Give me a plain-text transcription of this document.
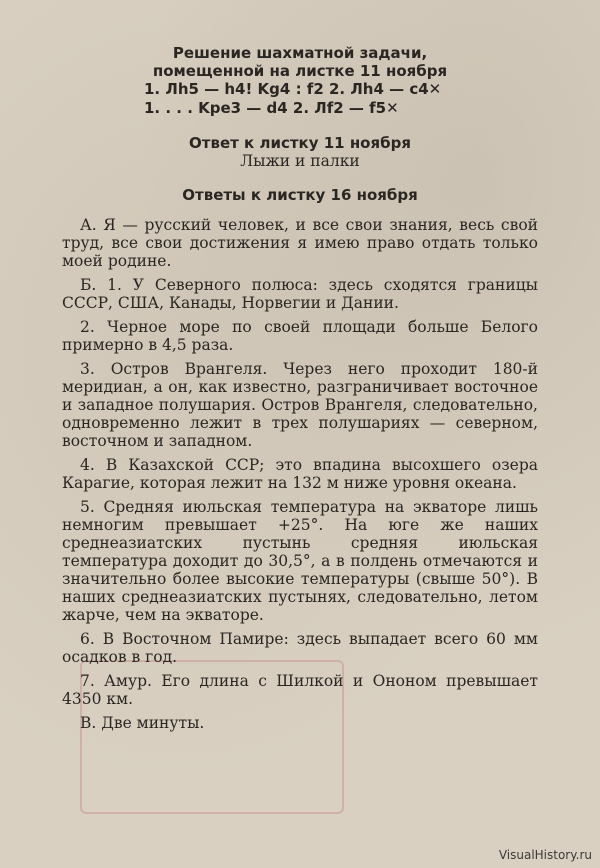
Решение шахматной задачи,
помещенной на листке 11 ноября
1. Лh5 — h4! Kg4 : f2 2. Лh4 — c4✕
1. . . . Kpe3 — d4 2. Лf2 — f5✕
Ответ к листку 11 ноября
Лыжи и палки
Ответы к листку 16 ноября

А. Я — русский человек, и все свои знания, весь свой труд, все свои достижения я имею право отдать только моей родине.

Б. 1. У Северного полюса: здесь сходятся границы СССР, США, Канады, Норвегии и Дании.

2. Черное море по своей площади больше Белого примерно в 4,5 раза.

3. Остров Врангеля. Через него проходит 180-й меридиан, а он, как известно, разграничивает восточное и западное полушария. Остров Врангеля, следовательно, одновременно лежит в трех полушариях — северном, восточном и западном.

4. В Казахской ССР; это впадина высохшего озера Карагие, которая лежит на 132 м ниже уровня океана.

5. Средняя июльская температура на экваторе лишь немногим превышает +25°. На юге же наших среднеазиатских пустынь средняя июльская температура доходит до 30,5°, а в полдень отмечаются и значительно более высокие температуры (свыше 50°). В наших среднеазиатских пустынях, следовательно, летом жарче, чем на экваторе.

6. В Восточном Памире: здесь выпадает всего 60 мм осадков в год.

7. Амур. Его длина с Шилкой и Ононом превышает 4350 км.

В. Две минуты.

VisualHistory.ru
